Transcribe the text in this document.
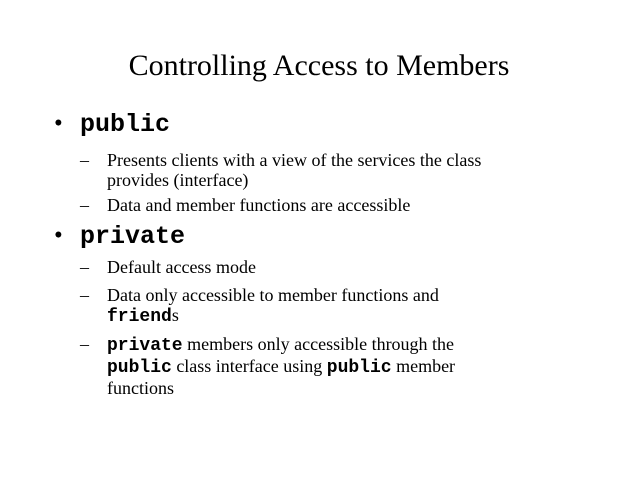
Controlling Access to Members
• public
– Presents clients with a view of the services the class
provides (interface)
– Data and member functions are accessible
• private
– Default access mode
– Data only accessible to member functions and
friends
– private members only accessible through the
public class interface using public member
functions
